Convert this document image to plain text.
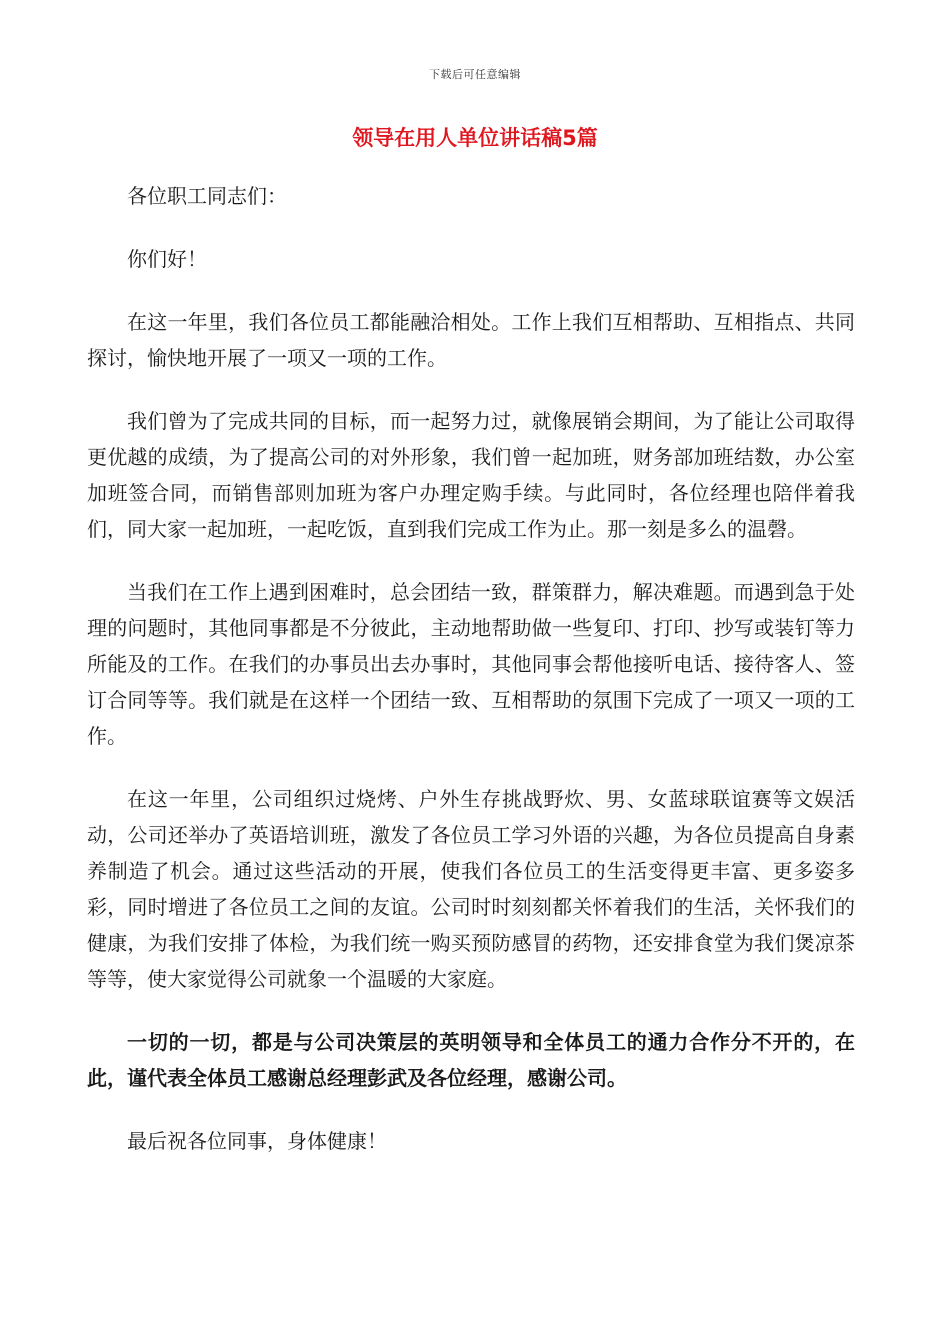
下载后可任意编辑
领导在用人单位讲话稿5篇

各位职工同志们：

你们好！

在这一年里，我们各位员工都能融洽相处。工作上我们互相帮助、互相指点、共同探讨，愉快地开展了一项又一项的工作。

我们曾为了完成共同的目标，而一起努力过，就像展销会期间，为了能让公司取得更优越的成绩，为了提高公司的对外形象，我们曾一起加班，财务部加班结数，办公室加班签合同，而销售部则加班为客户办理定购手续。与此同时，各位经理也陪伴着我们，同大家一起加班，一起吃饭，直到我们完成工作为止。那一刻是多么的温磬。

当我们在工作上遇到困难时，总会团结一致，群策群力，解决难题。而遇到急于处理的问题时，其他同事都是不分彼此，主动地帮助做一些复印、打印、抄写或装钉等力所能及的工作。在我们的办事员出去办事时，其他同事会帮他接听电话、接待客人、签订合同等等。我们就是在这样一个团结一致、互相帮助的氛围下完成了一项又一项的工作。

在这一年里，公司组织过烧烤、户外生存挑战野炊、男、女蓝球联谊赛等文娱活动，公司还举办了英语培训班，激发了各位员工学习外语的兴趣，为各位员提高自身素养制造了机会。通过这些活动的开展，使我们各位员工的生活变得更丰富、更多姿多彩，同时增进了各位员工之间的友谊。公司时时刻刻都关怀着我们的生活，关怀我们的健康，为我们安排了体检，为我们统一购买预防感冒的药物，还安排食堂为我们煲凉茶等等，使大家觉得公司就象一个温暖的大家庭。

一切的一切，都是与公司决策层的英明领导和全体员工的通力合作分不开的，在此，谨代表全体员工感谢总经理彭武及各位经理，感谢公司。

最后祝各位同事，身体健康！
